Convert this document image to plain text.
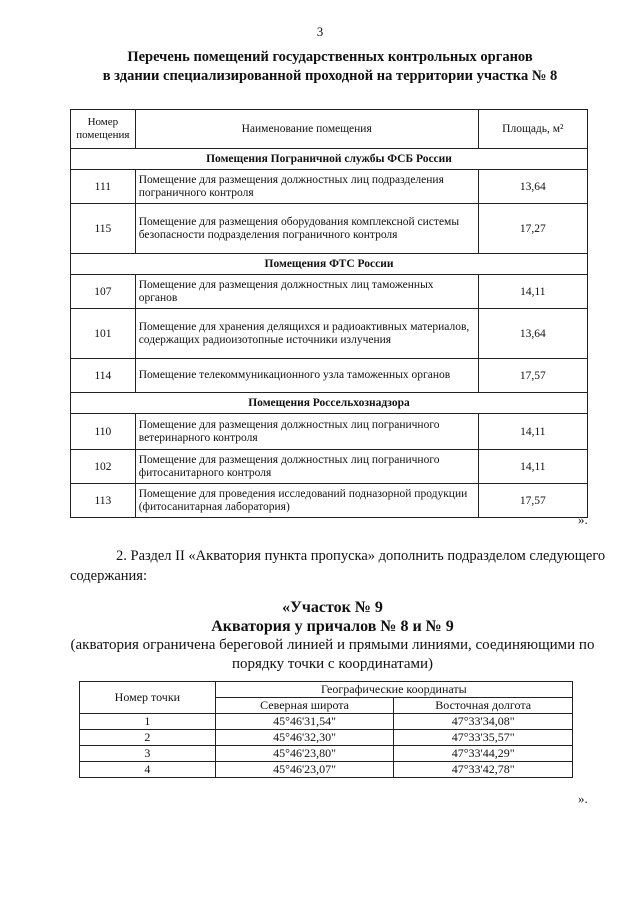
3
Перечень помещений государственных контрольных органов
в здании специализированной проходной на территории участка № 8
Номер
помещения	Наименование помещения	Площадь, м²
Помещения Пограничной службы ФСБ России		
111	Помещение для размещения должностных лиц подразделения пограничного контроля	13,64
115	Помещение для размещения оборудования комплексной системы безопасности подразделения пограничного контроля	17,27
Помещения ФТС России		
107	Помещение для размещения должностных лиц таможенных органов	14,11
101	Помещение для хранения делящихся и радиоактивных материалов, содержащих радиоизотопные источники излучения	13,64
114	Помещение телекоммуникационного узла таможенных органов	17,57
Помещения Россельхознадзора		
110	Помещение для размещения должностных лиц пограничного ветеринарного контроля	14,11
102	Помещение для размещения должностных лиц пограничного фитосанитарного контроля	14,11
113	Помещение для проведения исследований подназорной продукции (фитосанитарная лаборатория)	17,57
».
2. Раздел II «Акватория пункта пропуска» дополнить подразделом следующего содержания:
«Участок № 9
Акватория у причалов № 8 и № 9
(акватория ограничена береговой линией и прямыми линиями, соединяющими по
порядку точки с координатами)
Номер точки	Географические координаты	
	Северная широта	Восточная долгота
1	45°46'31,54"	47°33'34,08"
2	45°46'32,30"	47°33'35,57"
3	45°46'23,80"	47°33'44,29"
4	45°46'23,07"	47°33'42,78"
».
